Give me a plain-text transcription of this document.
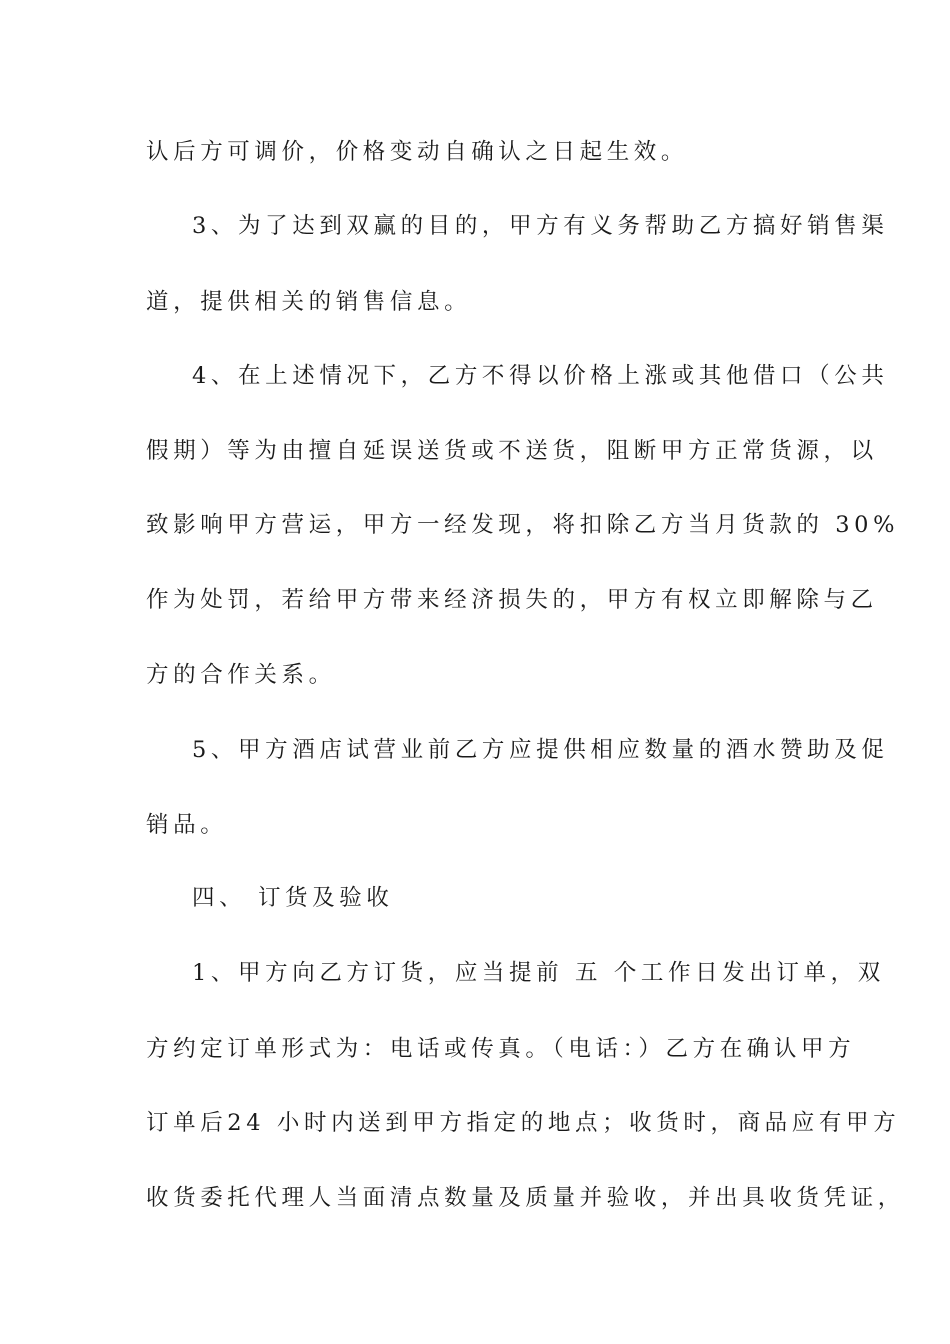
认后方可调价，价格变动自确认之日起生效。
3、为了达到双赢的目的，甲方有义务帮助乙方搞好销售渠
道，提供相关的销售信息。
4、在上述情况下，乙方不得以价格上涨或其他借口（公共
假期）等为由擅自延误送货或不送货，阻断甲方正常货源，以
致影响甲方营运，甲方一经发现，将扣除乙方当月货款的 30%
作为处罚，若给甲方带来经济损失的，甲方有权立即解除与乙
方的合作关系。
5、甲方酒店试营业前乙方应提供相应数量的酒水赞助及促
销品。
四、 订货及验收
1、甲方向乙方订货，应当提前 五 个工作日发出订单，双
方约定订单形式为：电话或传真。（电话：）乙方在确认甲方
订单后24 小时内送到甲方指定的地点；收货时，商品应有甲方
收货委托代理人当面清点数量及质量并验收，并出具收货凭证，
